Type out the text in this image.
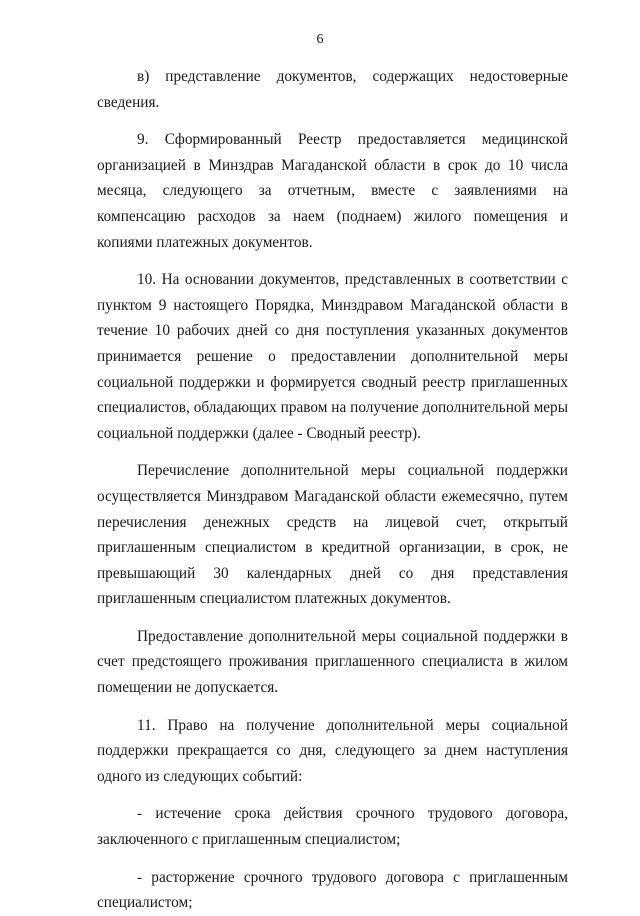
6

в) представление документов, содержащих недостоверные сведения.

9. Сформированный Реестр предоставляется медицинской организацией в Минздрав Магаданской области в срок до 10 числа месяца, следующего за отчетным, вместе с заявлениями на компенсацию расходов за наем (поднаем) жилого помещения и копиями платежных документов.

10. На основании документов, представленных в соответствии с пунктом 9 настоящего Порядка, Минздравом Магаданской области в течение 10 рабочих дней со дня поступления указанных документов принимается решение о предоставлении дополнительной меры социальной поддержки и формируется сводный реестр приглашенных специалистов, обладающих правом на получение дополнительной меры социальной поддержки (далее - Сводный реестр).

Перечисление дополнительной меры социальной поддержки осуществляется Минздравом Магаданской области ежемесячно, путем перечисления денежных средств на лицевой счет, открытый приглашенным специалистом в кредитной организации, в срок, не превышающий 30 календарных дней со дня представления приглашенным специалистом платежных документов.

Предоставление дополнительной меры социальной поддержки в счет предстоящего проживания приглашенного специалиста в жилом помещении не допускается.

11. Право на получение дополнительной меры социальной поддержки прекращается со дня, следующего за днем наступления одного из следующих событий:

- истечение срока действия срочного трудового договора, заключенного с приглашенным специалистом;

- расторжение срочного трудового договора с приглашенным специалистом;
